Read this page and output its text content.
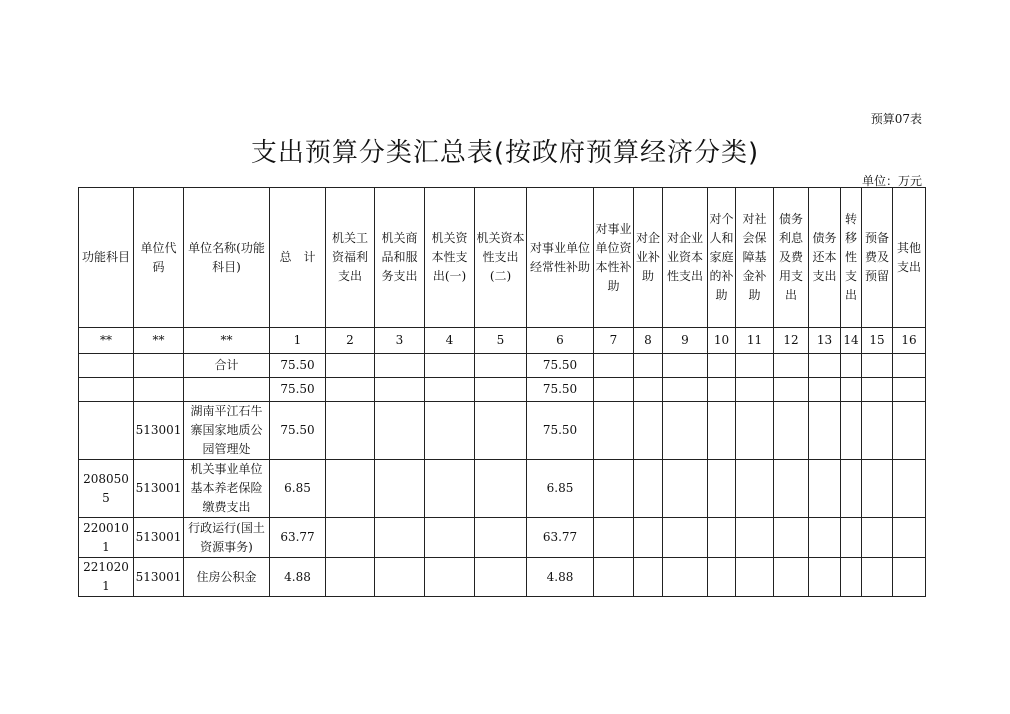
预算07表
支出预算分类汇总表(按政府预算经济分类)
单位：万元
功能科目	单位代码	单位名称(功能科目)	总　计	机关工资福利支出	机关商品和服务支出	机关资本性支出(一)	机关资本性支出(二)	对事业单位经常性补助	对事业单位资本性补助	对企业补助	对企业业资本性支出	对个人和家庭的补助	对社会保障基金补助	债务利息及费用支出	债务还本支出	转移性支出	预备费及预留	其他支出
**	**	**	1	2	3	4	5	6	7	8	9	10	11	12	13	14	15	16
		合计	75.50					75.50										
			75.50					75.50										
	513001	湖南平江石牛寨国家地质公园管理处	75.50					75.50										
2080505	513001	机关事业单位基本养老保险缴费支出	6.85					6.85										
2200101	513001	行政运行(国土资源事务)	63.77					63.77										
2210201	513001	住房公积金	4.88					4.88										
